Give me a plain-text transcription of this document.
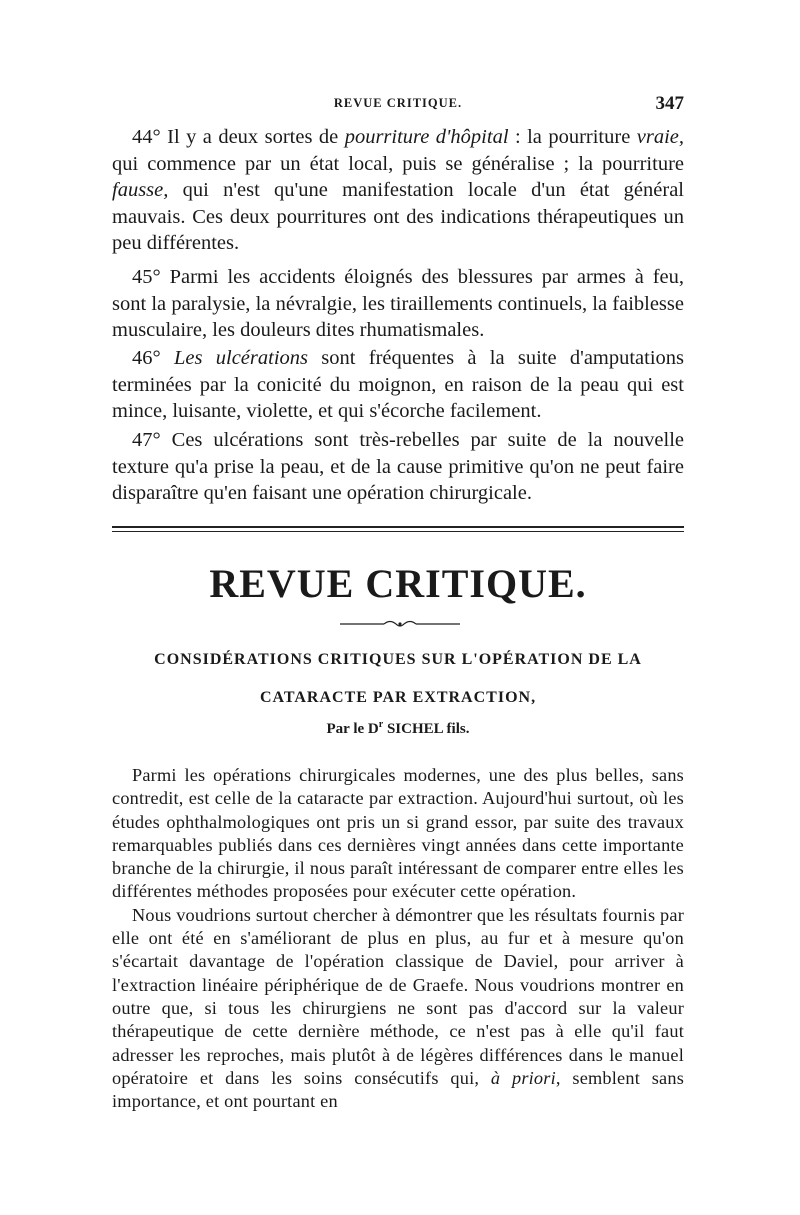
REVUE CRITIQUE.	347

44° Il y a deux sortes de pourriture d'hôpital : la pourriture vraie, qui commence par un état local, puis se généralise ; la pourriture fausse, qui n'est qu'une manifestation locale d'un état général mauvais. Ces deux pourritures ont des indications thérapeutiques un peu différentes.

45° Parmi les accidents éloignés des blessures par armes à feu, sont la paralysie, la névralgie, les tiraillements continuels, la faiblesse musculaire, les douleurs dites rhumatismales.

46° Les ulcérations sont fréquentes à la suite d'amputations terminées par la conicité du moignon, en raison de la peau qui est mince, luisante, violette, et qui s'écorche facilement.

47° Ces ulcérations sont très-rebelles par suite de la nouvelle texture qu'a prise la peau, et de la cause primitive qu'on ne peut faire disparaître qu'en faisant une opération chirurgicale.

REVUE CRITIQUE.
CONSIDÉRATIONS CRITIQUES SUR L'OPÉRATION DE LA
CATARACTE PAR EXTRACTION,
Par le $D^r$ SICHEL fils.

Parmi les opérations chirurgicales modernes, une des plus belles, sans contredit, est celle de la cataracte par extraction. Aujourd'hui surtout, où les études ophthalmologiques ont pris un si grand essor, par suite des travaux remarquables publiés dans ces dernières vingt années dans cette importante branche de la chirurgie, il nous paraît intéressant de comparer entre elles les différentes méthodes proposées pour exécuter cette opération.

Nous voudrions surtout chercher à démontrer que les résultats fournis par elle ont été en s'améliorant de plus en plus, au fur et à mesure qu'on s'écartait davantage de l'opération classique de Daviel, pour arriver à l'extraction linéaire périphérique de de Graefe. Nous voudrions montrer en outre que, si tous les chirurgiens ne sont pas d'accord sur la valeur thérapeutique de cette dernière méthode, ce n'est pas à elle qu'il faut adresser les reproches, mais plutôt à de légères différences dans le manuel opératoire et dans les soins consécutifs qui, à priori, semblent sans importance, et ont pourtant en
